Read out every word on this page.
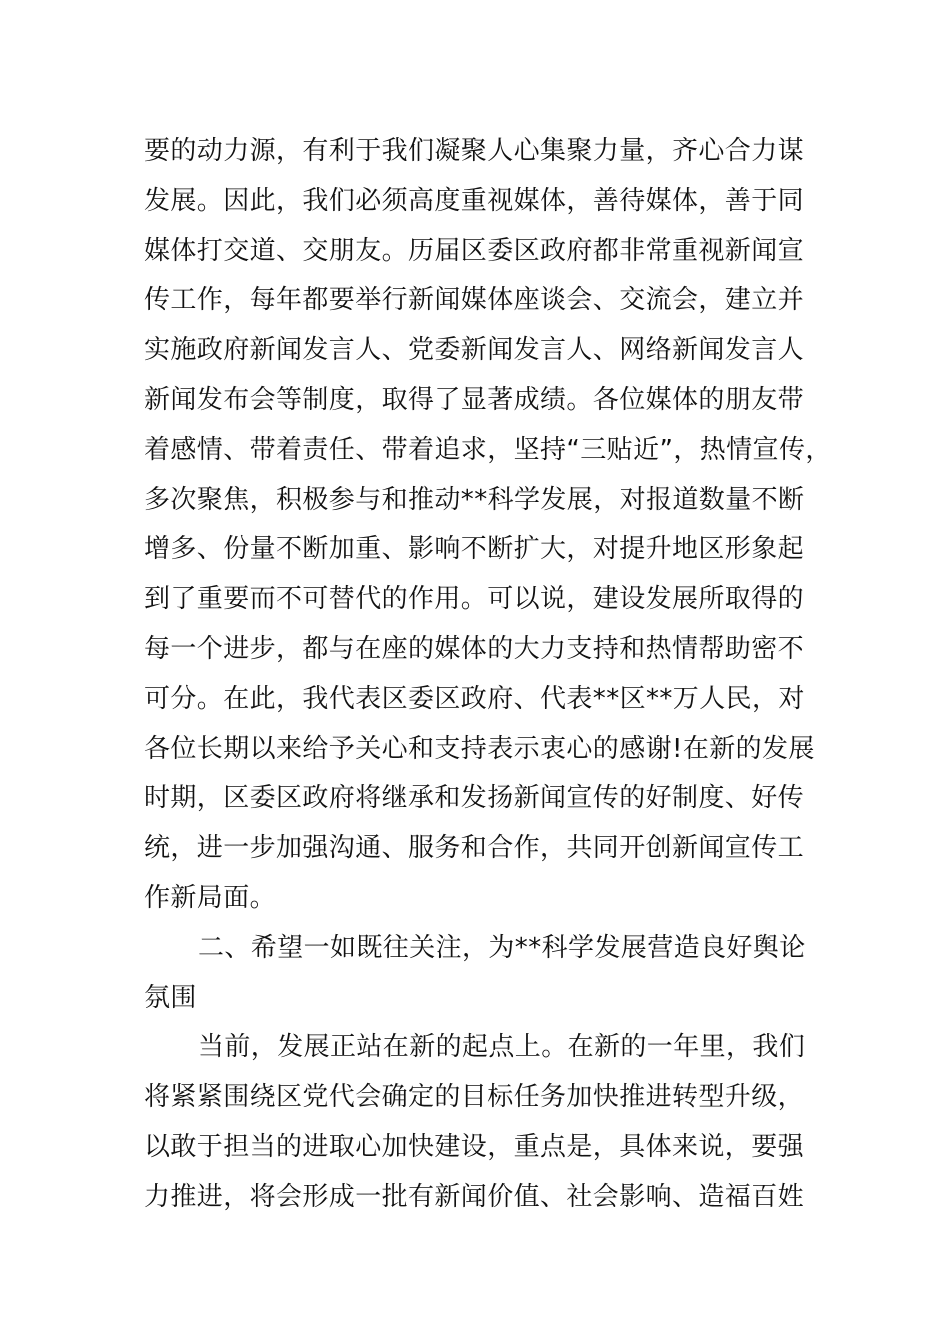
要的动力源，有利于我们凝聚人心集聚力量，齐心合力谋
发展。因此，我们必须高度重视媒体，善待媒体，善于同
媒体打交道、交朋友。历届区委区政府都非常重视新闻宣
传工作，每年都要举行新闻媒体座谈会、交流会，建立并
实施政府新闻发言人、党委新闻发言人、网络新闻发言人
新闻发布会等制度，取得了显著成绩。各位媒体的朋友带
着感情、带着责任、带着追求，坚持“三贴近”，热情宣传，
多次聚焦，积极参与和推动**科学发展，对报道数量不断
增多、份量不断加重、影响不断扩大，对提升地区形象起
到了重要而不可替代的作用。可以说，建设发展所取得的
每一个进步，都与在座的媒体的大力支持和热情帮助密不
可分。在此，我代表区委区政府、代表**区**万人民，对
各位长期以来给予关心和支持表示衷心的感谢!在新的发展
时期，区委区政府将继承和发扬新闻宣传的好制度、好传
统，进一步加强沟通、服务和合作，共同开创新闻宣传工
作新局面。
二、希望一如既往关注，为**科学发展营造良好舆论
氛围
当前，发展正站在新的起点上。在新的一年里，我们
将紧紧围绕区党代会确定的目标任务加快推进转型升级，
以敢于担当的进取心加快建设，重点是，具体来说，要强
力推进，将会形成一批有新闻价值、社会影响、造福百姓
